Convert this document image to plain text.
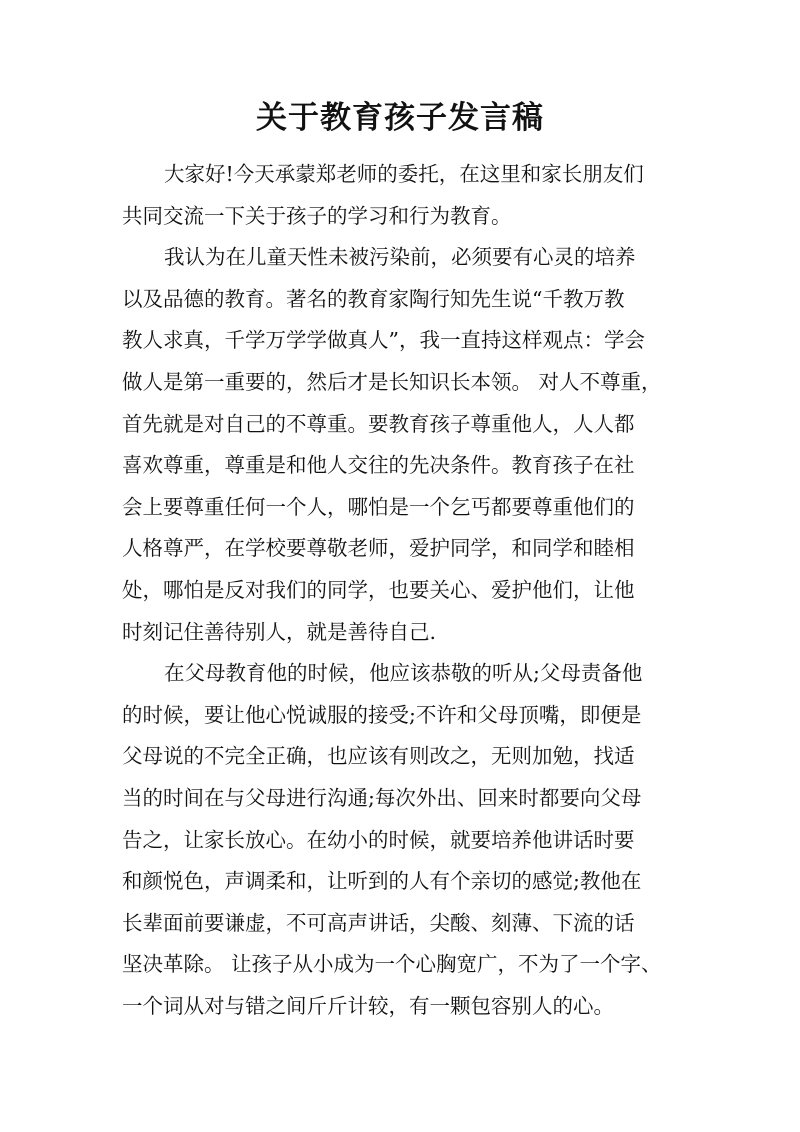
关于教育孩子发言稿
大家好!今天承蒙郑老师的委托，在这里和家长朋友们
共同交流一下关于孩子的学习和行为教育。
我认为在儿童天性未被污染前，必须要有心灵的培养
以及品德的教育。著名的教育家陶行知先生说“千教万教
教人求真，千学万学学做真人”，我一直持这样观点：学会
做人是第一重要的，然后才是长知识长本领。 对人不尊重，
首先就是对自己的不尊重。要教育孩子尊重他人，人人都
喜欢尊重，尊重是和他人交往的先决条件。教育孩子在社
会上要尊重任何一个人，哪怕是一个乞丐都要尊重他们的
人格尊严，在学校要尊敬老师，爱护同学，和同学和睦相
处，哪怕是反对我们的同学，也要关心、爱护他们，让他
时刻记住善待别人，就是善待自己.
在父母教育他的时候，他应该恭敬的听从;父母责备他
的时候，要让他心悦诚服的接受;不许和父母顶嘴，即便是
父母说的不完全正确，也应该有则改之，无则加勉，找适
当的时间在与父母进行沟通;每次外出、回来时都要向父母
告之，让家长放心。在幼小的时候，就要培养他讲话时要
和颜悦色，声调柔和，让听到的人有个亲切的感觉;教他在
长辈面前要谦虚，不可高声讲话，尖酸、刻薄、下流的话
坚决革除。 让孩子从小成为一个心胸宽广，不为了一个字、
一个词从对与错之间斤斤计较，有一颗包容别人的心。
